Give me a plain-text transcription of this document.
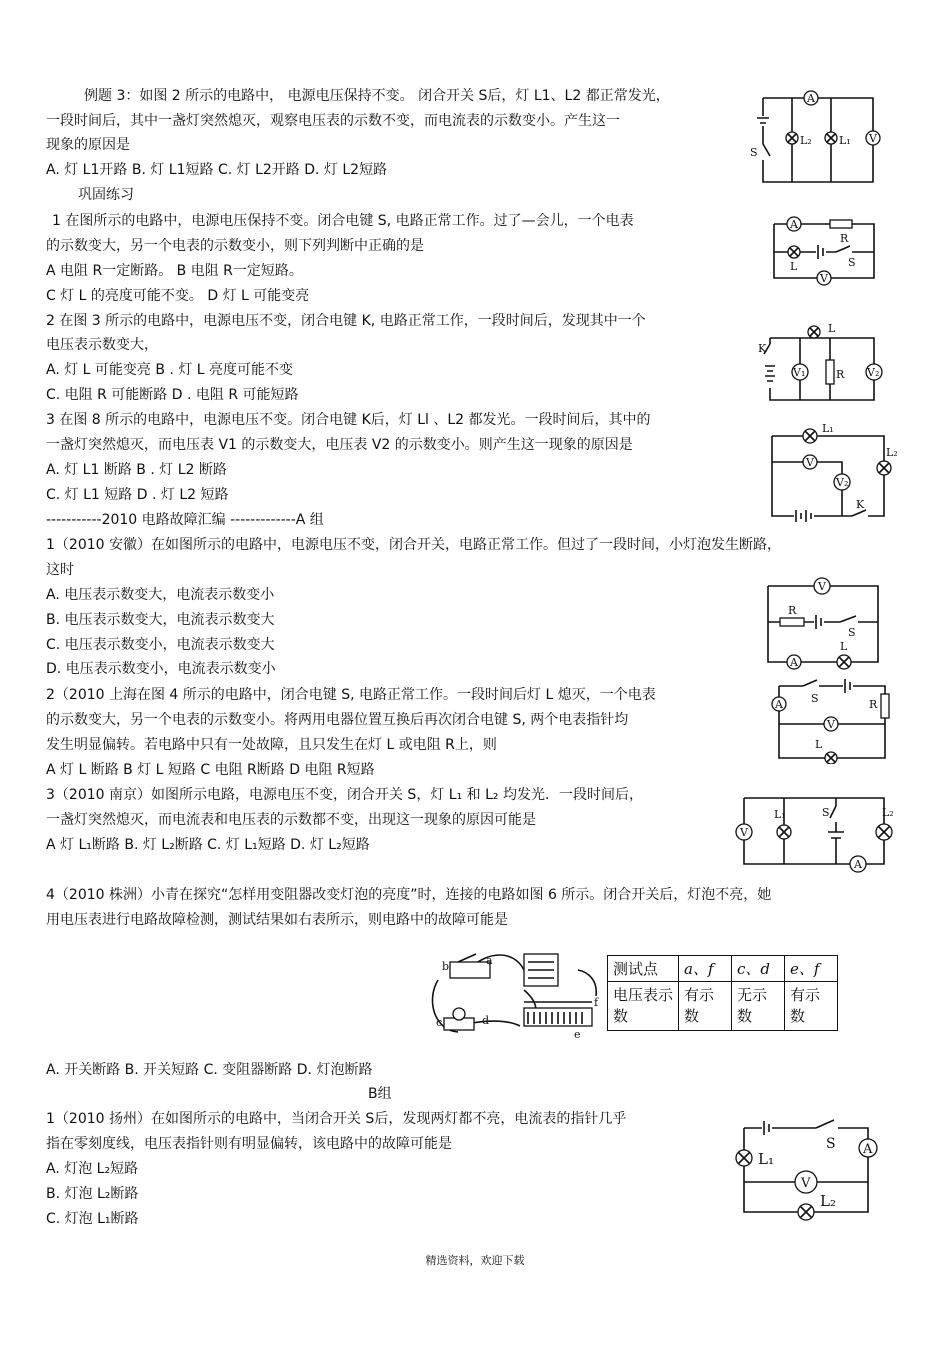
例题 3：如图 2 所示的电路中， 电源电压保持不变。 闭合开关 S后，灯 L1、L2 都正常发光，
一段时间后，其中一盏灯突然熄灭，观察电压表的示数不变，而电流表的示数变小。产生这一
现象的原因是
A. 灯 L1开路 B. 灯 L1短路 C. 灯 L2开路 D. 灯 L2短路
巩固练习
1 在图所示的电路中，电源电压保持不变。闭合电键 S, 电路正常工作。过了—会儿，一个电表
的示数变大，另一个电表的示数变小，则下列判断中正确的是
A 电阻 R一定断路。 B 电阻 R一定短路。
C 灯 L 的亮度可能不变。 D 灯 L 可能变亮
2 在图 3 所示的电路中，电源电压不变，闭合电键 K, 电路正常工作，一段时间后，发现其中一个
电压表示数变大，
A. 灯 L 可能变亮 B . 灯 L 亮度可能不变
C. 电阻 R 可能断路 D . 电阻 R 可能短路
3 在图 8 所示的电路中，电源电压不变。闭合电键 K后，灯 Ll 、L2 都发光。一段时间后，其中的
一盏灯突然熄灭，而电压表 V1 的示数变大，电压表 V2 的示数变小。则产生这一现象的原因是
A. 灯 L1 断路 B . 灯 L2 断路
C. 灯 L1 短路 D . 灯 L2 短路
-----------2010 电路故障汇编 -------------A 组
1（2010 安徽）在如图所示的电路中，电源电压不变，闭合开关，电路正常工作。但过了一段时间，小灯泡发生断路，
这时
A. 电压表示数变大，电流表示数变小
B. 电压表示数变大，电流表示数变大
C. 电压表示数变小，电流表示数变大
D. 电压表示数变小，电流表示数变小
2（2010 上海在图 4 所示的电路中，闭合电键 S, 电路正常工作。一段时间后灯 L 熄灭，一个电表
的示数变大，另一个电表的示数变小。将两用电器位置互换后再次闭合电键 S, 两个电表指针均
发生明显偏转。若电路中只有一处故障，且只发生在灯 L 或电阻 R上，则
A 灯 L 断路 B 灯 L 短路 C 电阻 R断路 D 电阻 R短路
3（2010 南京）如图所示电路，电源电压不变，闭合开关 S，灯 L₁ 和 L₂ 均发光．一段时间后，
一盏灯突然熄灭，而电流表和电压表的示数都不变，出现这一现象的原因可能是
A 灯 L₁断路 B. 灯 L₂断路 C. 灯 L₁短路 D. 灯 L₂短路
4（2010 株洲）小青在探究“怎样用变阻器改变灯泡的亮度”时，连接的电路如图 6 所示。闭合开关后，灯泡不亮，她
用电压表进行电路故障检测，测试结果如右表所示，则电路中的故障可能是
A. 开关断路 B. 开关短路 C. 变阻器断路 D. 灯泡断路
B组
1（2010 扬州）在如图所示的电路中，当闭合开关 S后，发现两灯都不亮，电流表的指针几乎
指在零刻度线，电压表指针则有明显偏转，该电路中的故障可能是
A. 灯泡 L₂短路
B. 灯泡 L₂断路
C. 灯泡 L₁断路
精选资料，欢迎下载
测试点	a、f	c、d	e、f
电压表示数	有示数	无示数	有示数
A
V
L₂ L₁
S
A
R
L	S
V
L
K
V₁	R V₂
L₁
V
V₂
L₂
K
V
R
S
A
L
A	S	R
V
L
V
L₁	S	L₂
A
b	a
c	d
e
f
S A
L₁
V
L₂
